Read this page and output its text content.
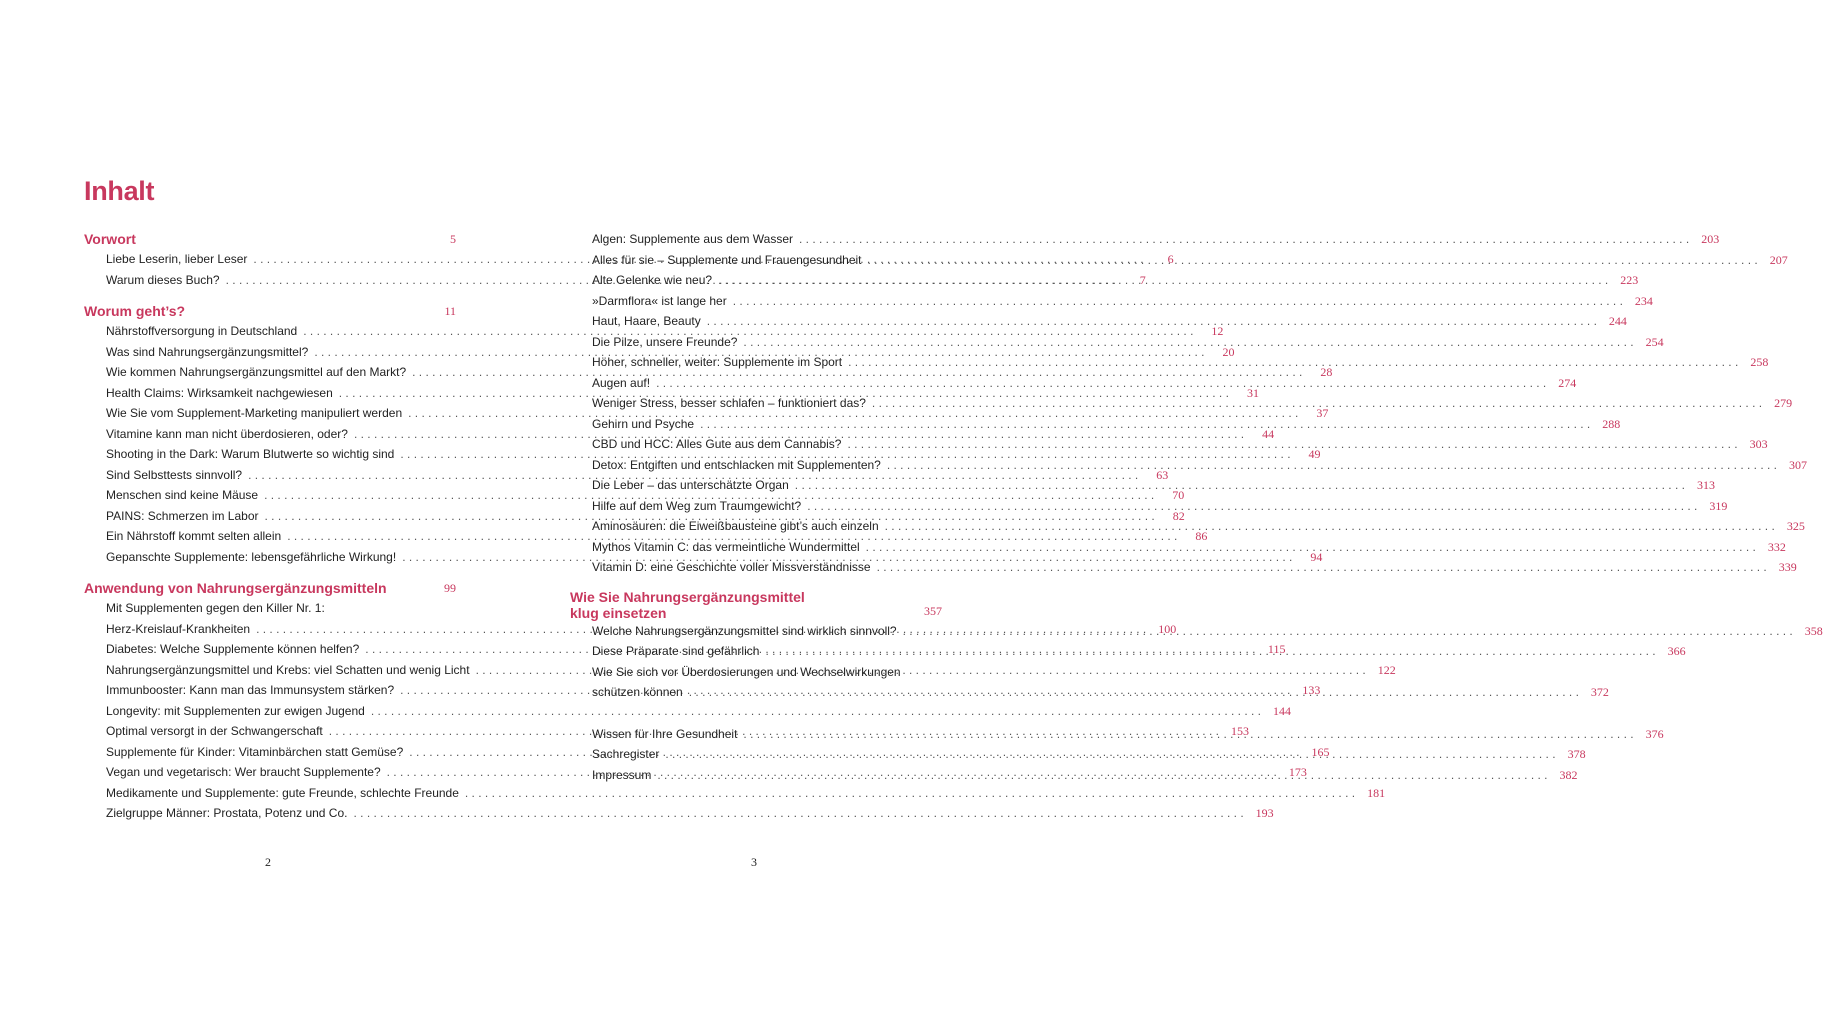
Inhalt
Vorwort	5
Liebe Leserin, lieber Leser . . .	6
Warum dieses Buch? . . .	7
Worum geht’s?	11
Nährstoffversorgung in Deutschland . . .	12
Was sind Nahrungsergänzungsmittel? . . .	20
Wie kommen Nahrungsergänzungsmittel auf den Markt? . . .	28
Health Claims: Wirksamkeit nachgewiesen . . .	31
Wie Sie vom Supplement-Marketing manipuliert werden . . .	37
Vitamine kann man nicht überdosieren, oder? . . .	44
Shooting in the Dark: Warum Blutwerte so wichtig sind . . .	49
Sind Selbsttests sinnvoll? . . .	63
Menschen sind keine Mäuse . . .	70
PAINS: Schmerzen im Labor . . .	82
Ein Nährstoff kommt selten allein . . .	86
Gepanschte Supplemente: lebensgefährliche Wirkung! . . .	94
Anwendung von Nahrungsergänzungsmitteln	99
Mit Supplementen gegen den Killer Nr. 1:
Herz-Kreislauf-Krankheiten . . .	100
Diabetes: Welche Supplemente können helfen? . . .	115
Nahrungsergänzungsmittel und Krebs: viel Schatten und wenig Licht . . .	122
Immunbooster: Kann man das Immunsystem stärken? . . .	133
Longevity: mit Supplementen zur ewigen Jugend . . .	144
Optimal versorgt in der Schwangerschaft . . .	153
Supplemente für Kinder: Vitaminbärchen statt Gemüse? . . .	165
Vegan und vegetarisch: Wer braucht Supplemente? . . .	173
Medikamente und Supplemente: gute Freunde, schlechte Freunde . . .	181
Zielgruppe Männer: Prostata, Potenz und Co. . . .	193
Algen: Supplemente aus dem Wasser . . .	203
Alles für sie – Supplemente und Frauengesundheit . . .	207
Alte Gelenke wie neu? . . .	223
»Darmflora« ist lange her . . .	234
Haut, Haare, Beauty . . .	244
Die Pilze, unsere Freunde? . . .	254
Höher, schneller, weiter: Supplemente im Sport . . .	258
Augen auf! . . .	274
Weniger Stress, besser schlafen – funktioniert das? . . .	279
Gehirn und Psyche . . .	288
CBD und HCC: Alles Gute aus dem Cannabis? . . .	303
Detox: Entgiften und entschlacken mit Supplementen? . . .	307
Die Leber – das unterschätzte Organ . . .	313
Hilfe auf dem Weg zum Traumgewicht? . . .	319
Aminosäuren: die Eiweißbausteine gibt’s auch einzeln . . .	325
Mythos Vitamin C: das vermeintliche Wundermittel . . .	332
Vitamin D: eine Geschichte voller Missverständnisse . . .	339
Wie Sie Nahrungsergänzungsmittel
klug einsetzen	357
Welche Nahrungsergänzungsmittel sind wirklich sinnvoll? . . .	358
Diese Präparate sind gefährlich . . .	366
Wie Sie sich vor Überdosierungen und Wechselwirkungen
schützen können . . .	372
Wissen für Ihre Gesundheit . . .	376
Sachregister . . .	378
Impressum . . .	382
2	3
